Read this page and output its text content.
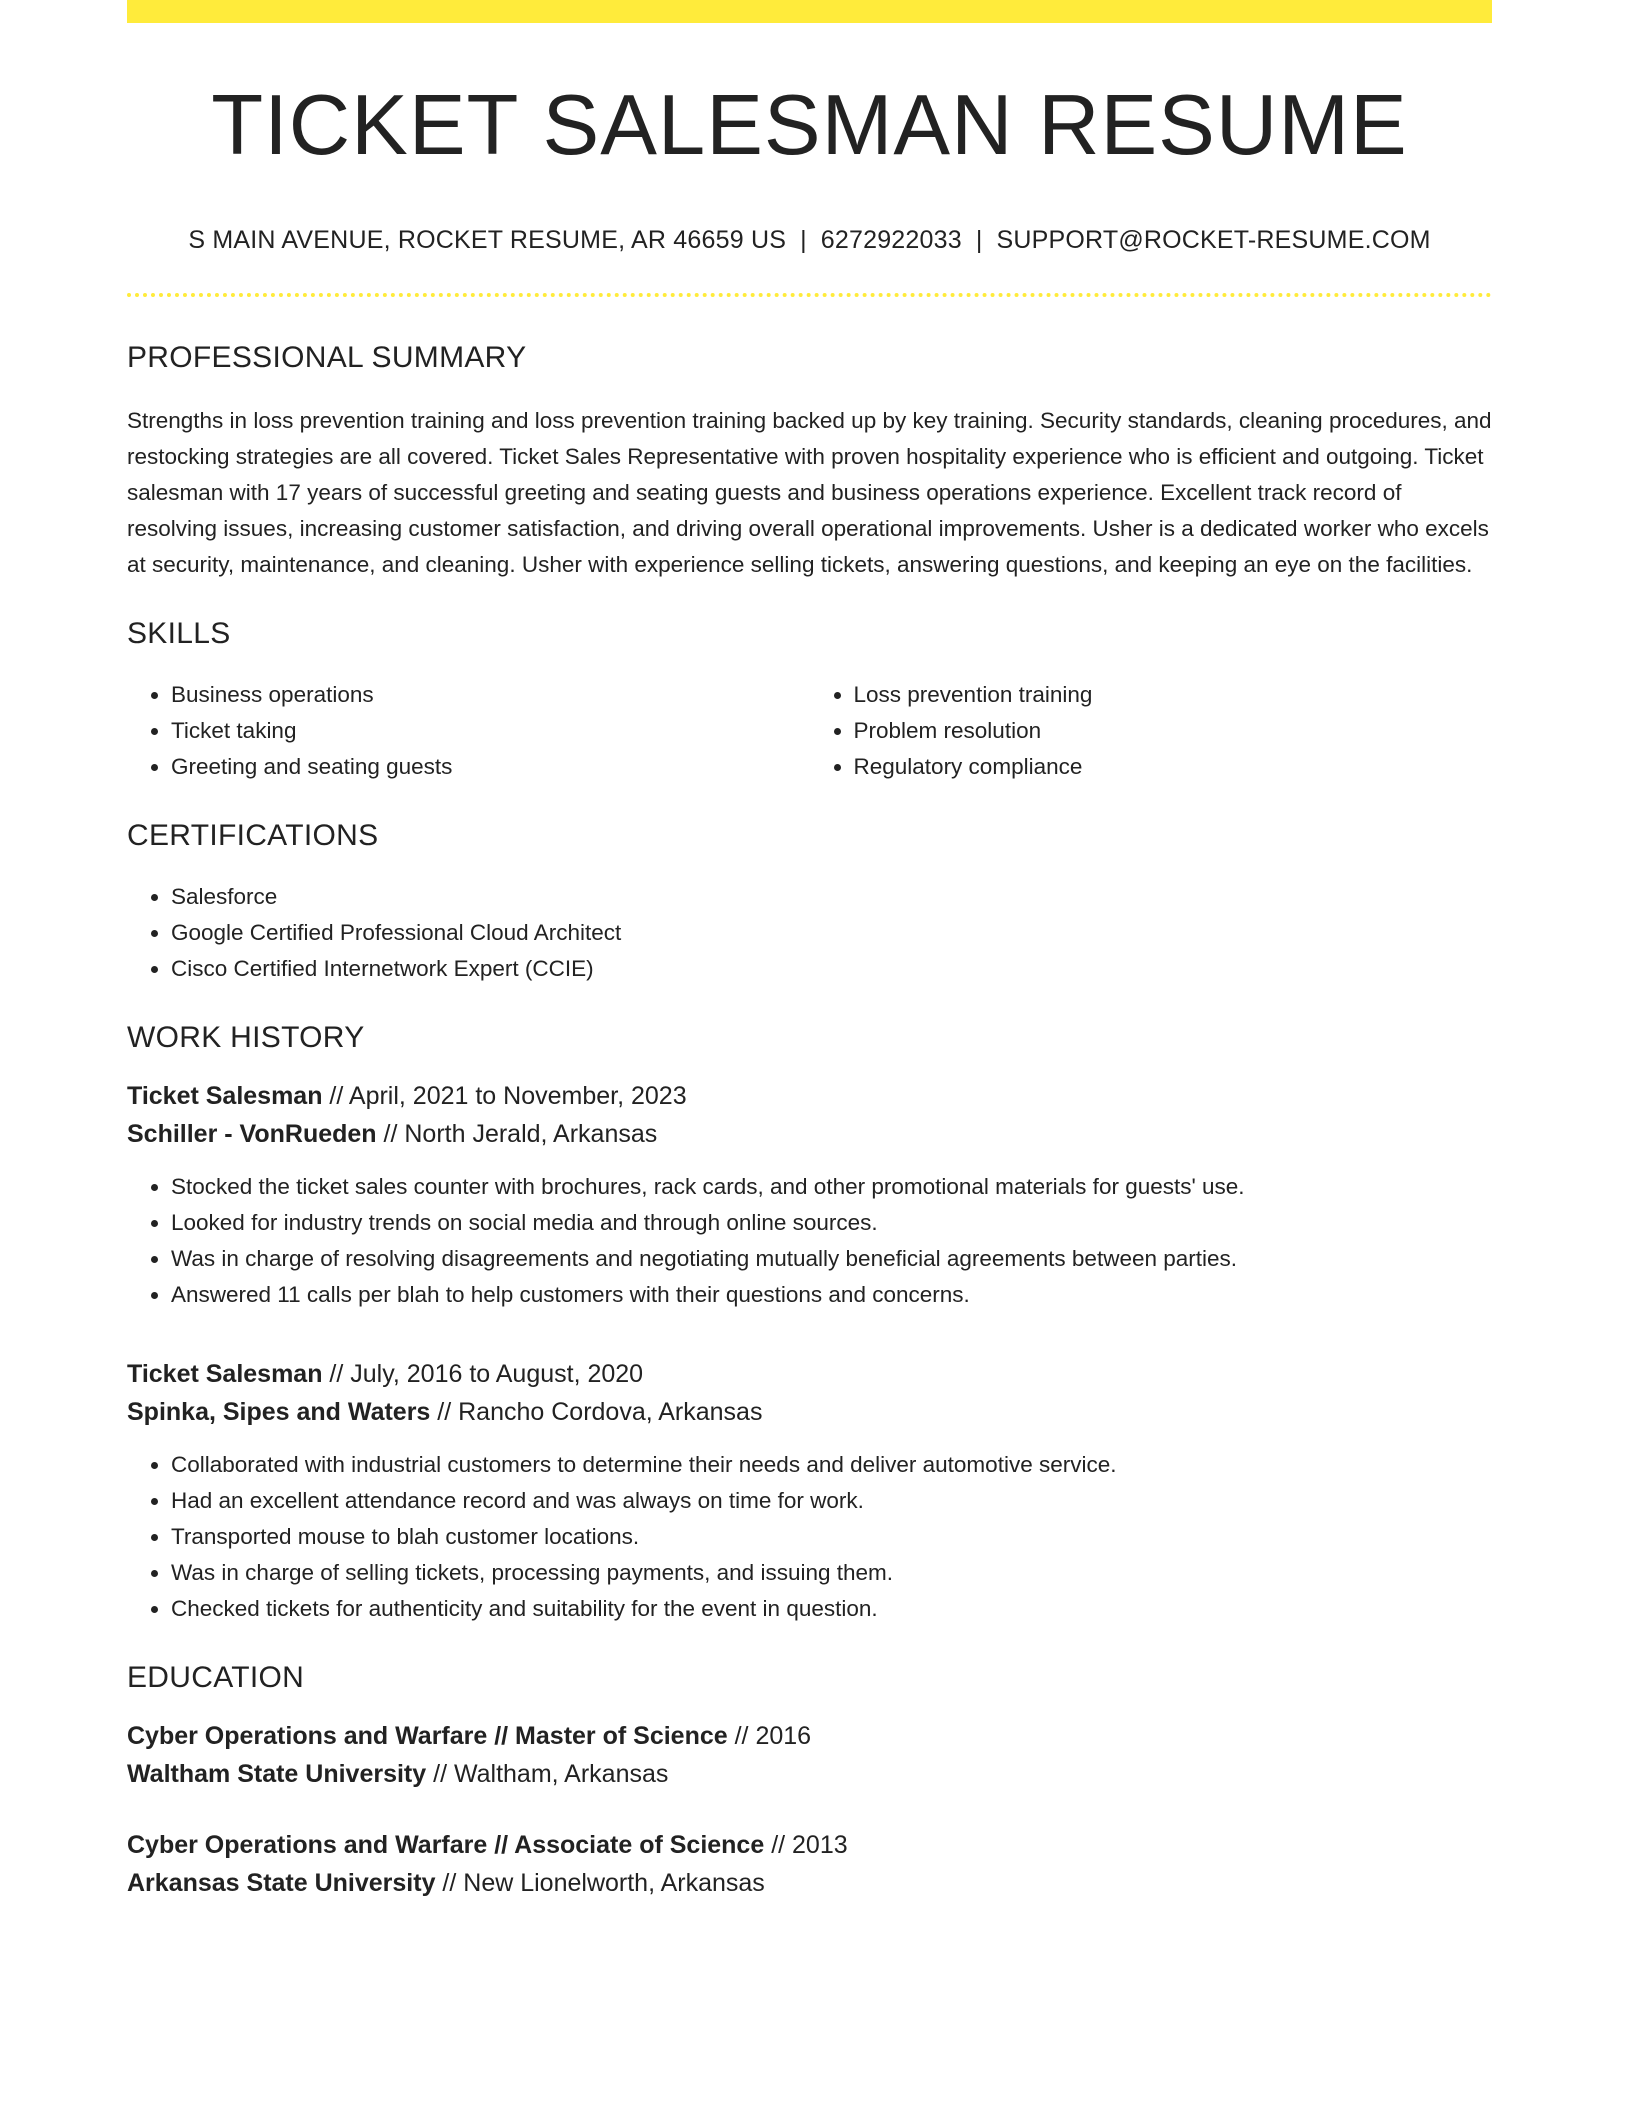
TICKET SALESMAN RESUME
S MAIN AVENUE, ROCKET RESUME, AR 46659 US | 6272922033 | SUPPORT@ROCKET-RESUME.COM
PROFESSIONAL SUMMARY

Strengths in loss prevention training and loss prevention training backed up by key training. Security standards, cleaning procedures, and restocking strategies are all covered. Ticket Sales Representative with proven hospitality experience who is efficient and outgoing. Ticket salesman with 17 years of successful greeting and seating guests and business operations experience. Excellent track record of resolving issues, increasing customer satisfaction, and driving overall operational improvements. Usher is a dedicated worker who excels at security, maintenance, and cleaning. Usher with experience selling tickets, answering questions, and keeping an eye on the facilities.

SKILLS
• Business operations
• Ticket taking
• Greeting and seating guests
• Loss prevention training
• Problem resolution
• Regulatory compliance
CERTIFICATIONS
• Salesforce
• Google Certified Professional Cloud Architect
• Cisco Certified Internetwork Expert (CCIE)
WORK HISTORY
Ticket Salesman // April, 2021 to November, 2023
Schiller - VonRueden // North Jerald, Arkansas
• Stocked the ticket sales counter with brochures, rack cards, and other promotional materials for guests' use.
• Looked for industry trends on social media and through online sources.
• Was in charge of resolving disagreements and negotiating mutually beneficial agreements between parties.
• Answered 11 calls per blah to help customers with their questions and concerns.
Ticket Salesman // July, 2016 to August, 2020
Spinka, Sipes and Waters // Rancho Cordova, Arkansas
• Collaborated with industrial customers to determine their needs and deliver automotive service.
• Had an excellent attendance record and was always on time for work.
• Transported mouse to blah customer locations.
• Was in charge of selling tickets, processing payments, and issuing them.
• Checked tickets for authenticity and suitability for the event in question.
EDUCATION
Cyber Operations and Warfare // Master of Science // 2016
Waltham State University // Waltham, Arkansas
Cyber Operations and Warfare // Associate of Science // 2013
Arkansas State University // New Lionelworth, Arkansas
